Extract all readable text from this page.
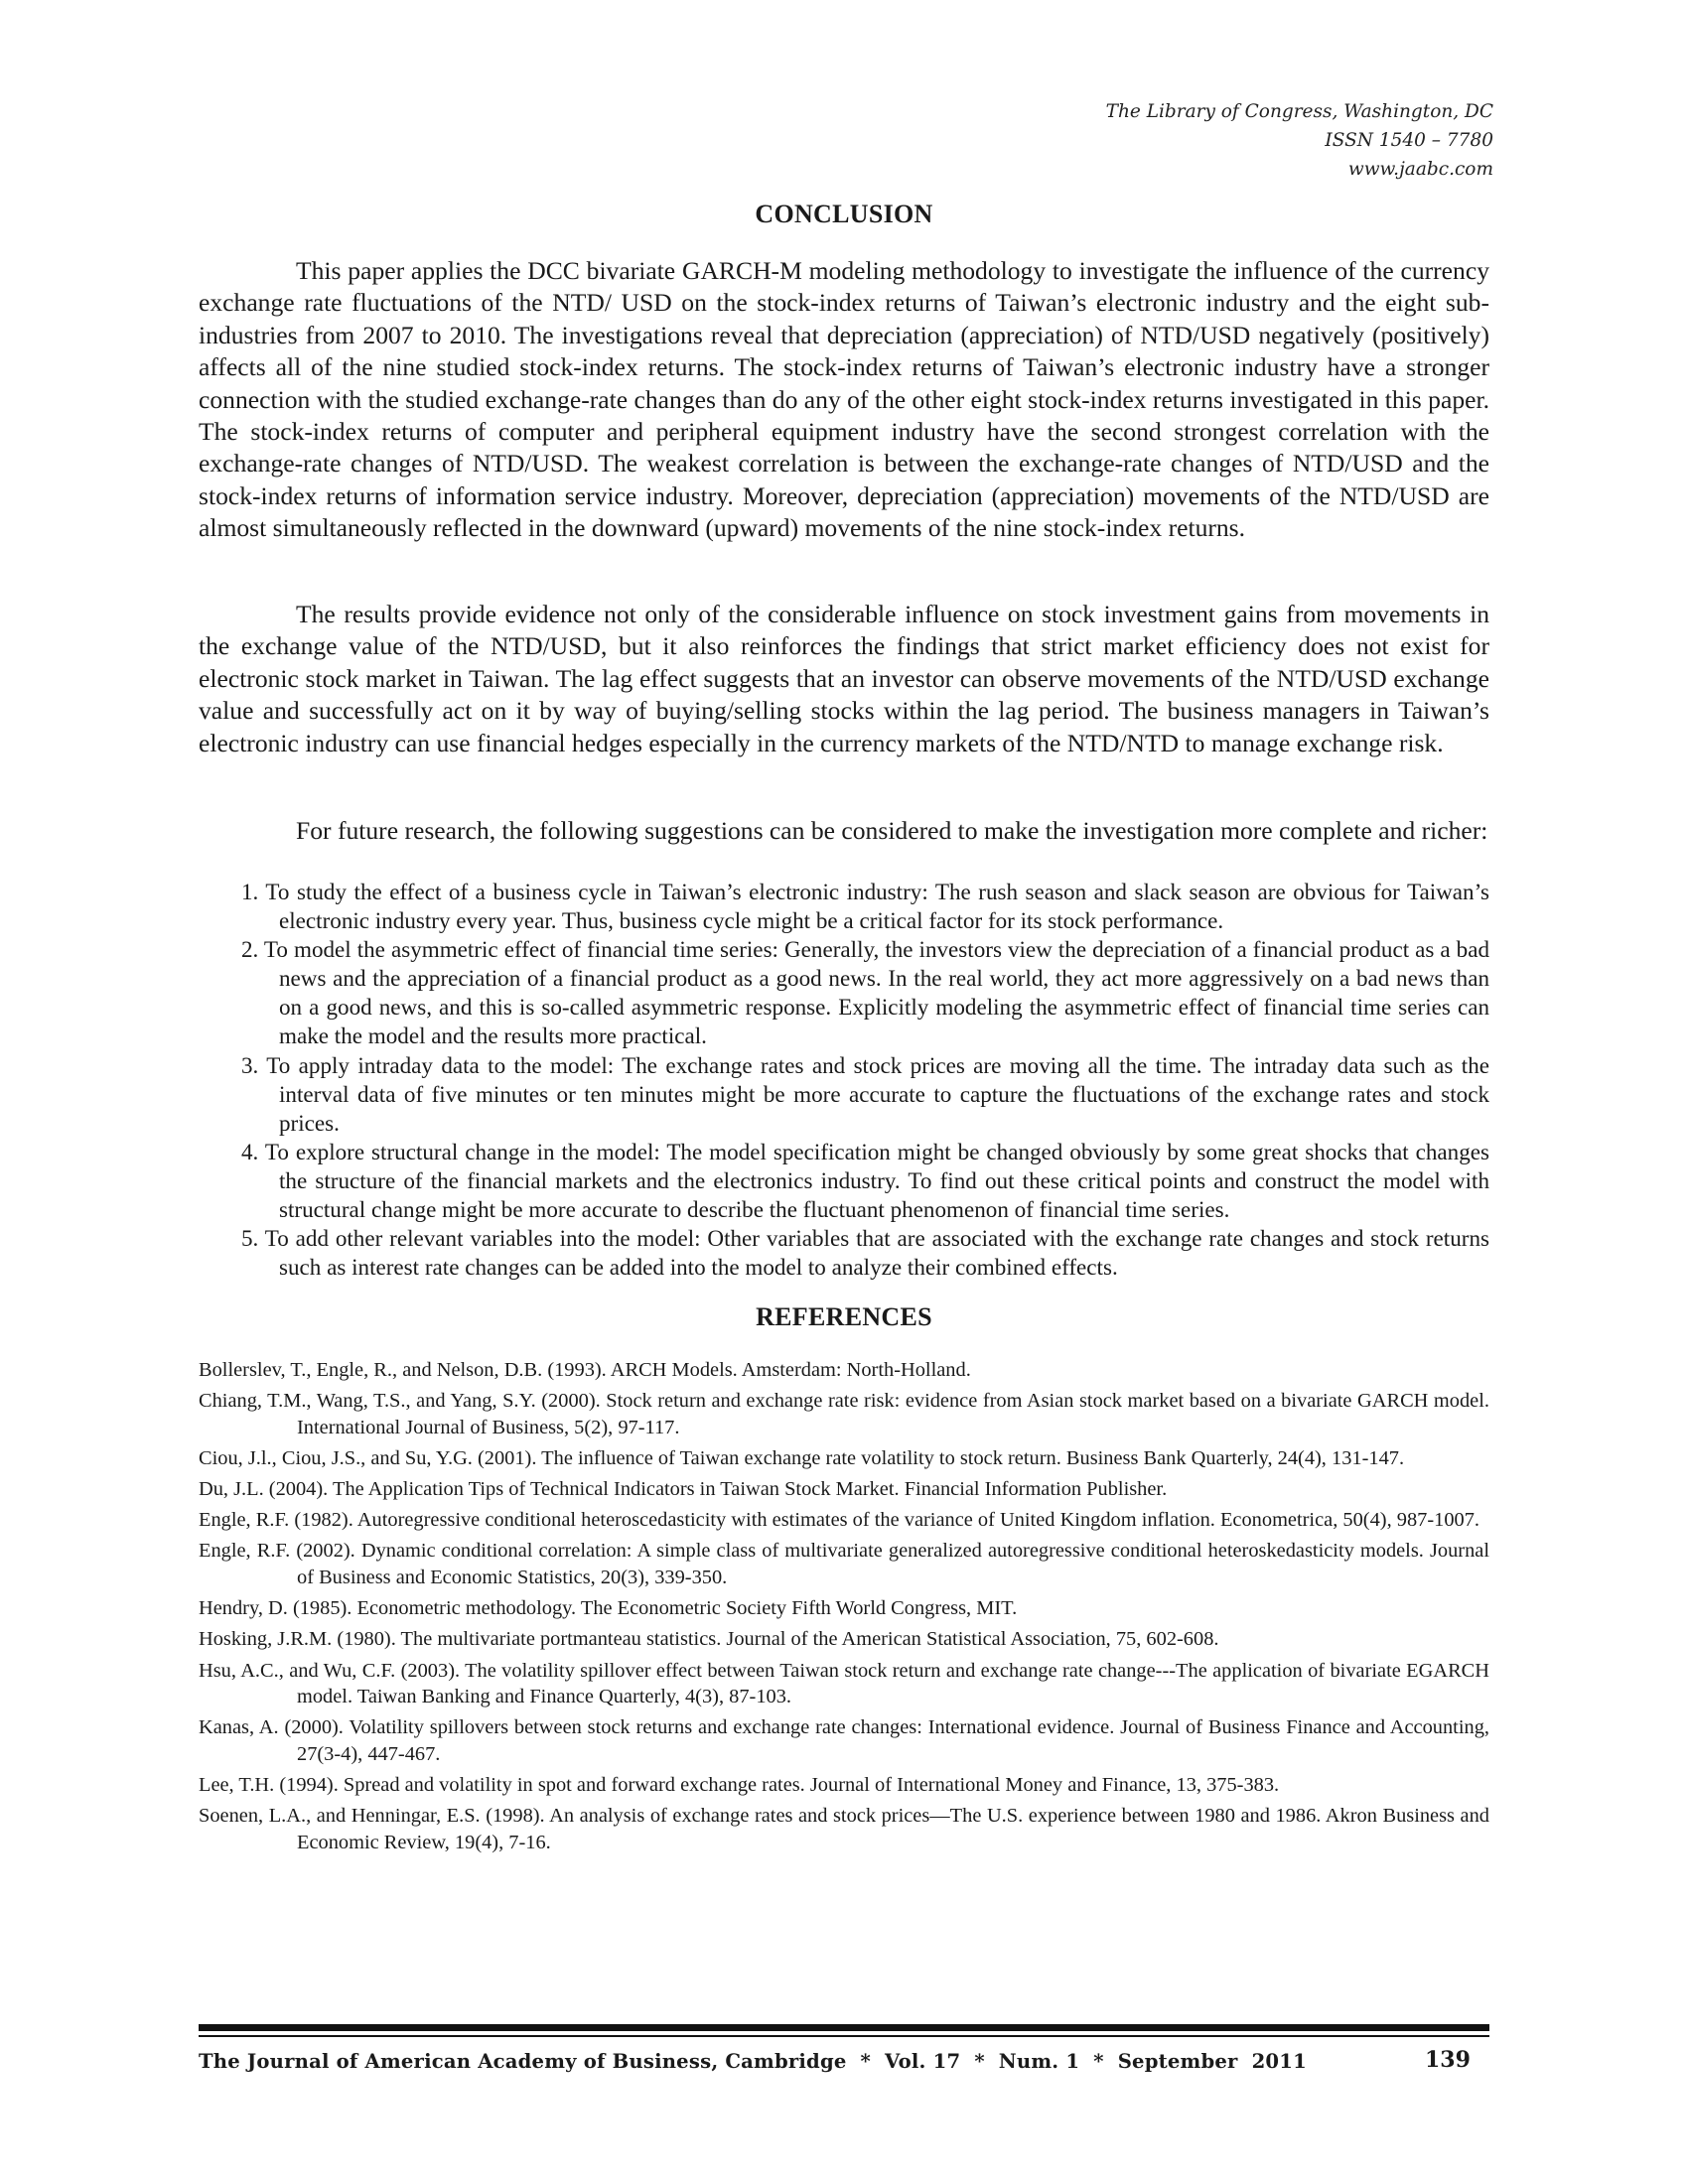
The Library of Congress, Washington, DC
ISSN 1540 – 7780
www.jaabc.com
CONCLUSION

This paper applies the DCC bivariate GARCH-M modeling methodology to investigate the influence of the currency exchange rate fluctuations of the NTD/ USD on the stock-index returns of Taiwan’s electronic industry and the eight sub-industries from 2007 to 2010. The investigations reveal that depreciation (appreciation) of NTD/USD negatively (positively) affects all of the nine studied stock-index returns. The stock-index returns of Taiwan’s electronic industry have a stronger connection with the studied exchange-rate changes than do any of the other eight stock-index returns investigated in this paper. The stock-index returns of computer and peripheral equipment industry have the second strongest correlation with the exchange-rate changes of NTD/USD. The weakest correlation is between the exchange-rate changes of NTD/USD and the stock-index returns of information service industry. Moreover, depreciation (appreciation) movements of the NTD/USD are almost simultaneously reflected in the downward (upward) movements of the nine stock-index returns.

The results provide evidence not only of the considerable influence on stock investment gains from movements in the exchange value of the NTD/USD, but it also reinforces the findings that strict market efficiency does not exist for electronic stock market in Taiwan. The lag effect suggests that an investor can observe movements of the NTD/USD exchange value and successfully act on it by way of buying/selling stocks within the lag period. The business managers in Taiwan’s electronic industry can use financial hedges especially in the currency markets of the NTD/NTD to manage exchange risk.

For future research, the following suggestions can be considered to make the investigation more complete and richer:

1. To study the effect of a business cycle in Taiwan’s electronic industry: The rush season and slack season are obvious for Taiwan’s electronic industry every year. Thus, business cycle might be a critical factor for its stock performance.
2. To model the asymmetric effect of financial time series: Generally, the investors view the depreciation of a financial product as a bad news and the appreciation of a financial product as a good news. In the real world, they act more aggressively on a bad news than on a good news, and this is so-called asymmetric response. Explicitly modeling the asymmetric effect of financial time series can make the model and the results more practical.
3. To apply intraday data to the model: The exchange rates and stock prices are moving all the time. The intraday data such as the interval data of five minutes or ten minutes might be more accurate to capture the fluctuations of the exchange rates and stock prices.
4. To explore structural change in the model: The model specification might be changed obviously by some great shocks that changes the structure of the financial markets and the electronics industry. To find out these critical points and construct the model with structural change might be more accurate to describe the fluctuant phenomenon of financial time series.
5. To add other relevant variables into the model: Other variables that are associated with the exchange rate changes and stock returns such as interest rate changes can be added into the model to analyze their combined effects.
REFERENCES
Bollerslev, T., Engle, R., and Nelson, D.B. (1993). ARCH Models. Amsterdam: North-Holland.
Chiang, T.M., Wang, T.S., and Yang, S.Y. (2000). Stock return and exchange rate risk: evidence from Asian stock market based on a bivariate GARCH model. International Journal of Business, 5(2), 97-117.
Ciou, J.l., Ciou, J.S., and Su, Y.G. (2001). The influence of Taiwan exchange rate volatility to stock return. Business Bank Quarterly, 24(4), 131-147.
Du, J.L. (2004). The Application Tips of Technical Indicators in Taiwan Stock Market. Financial Information Publisher.
Engle, R.F. (1982). Autoregressive conditional heteroscedasticity with estimates of the variance of United Kingdom inflation. Econometrica, 50(4), 987-1007.
Engle, R.F. (2002). Dynamic conditional correlation: A simple class of multivariate generalized autoregressive conditional heteroskedasticity models. Journal of Business and Economic Statistics, 20(3), 339-350.
Hendry, D. (1985). Econometric methodology. The Econometric Society Fifth World Congress, MIT.
Hosking, J.R.M. (1980). The multivariate portmanteau statistics. Journal of the American Statistical Association, 75, 602-608.
Hsu, A.C., and Wu, C.F. (2003). The volatility spillover effect between Taiwan stock return and exchange rate change---The application of bivariate EGARCH model. Taiwan Banking and Finance Quarterly, 4(3), 87-103.
Kanas, A. (2000). Volatility spillovers between stock returns and exchange rate changes: International evidence. Journal of Business Finance and Accounting, 27(3-4), 447-467.
Lee, T.H. (1994). Spread and volatility in spot and forward exchange rates. Journal of International Money and Finance, 13, 375-383.
Soenen, L.A., and Henningar, E.S. (1998). An analysis of exchange rates and stock prices—The U.S. experience between 1980 and 1986. Akron Business and Economic Review, 19(4), 7-16.
The Journal of American Academy of Business, Cambridge  *  Vol. 17  *  Num. 1  *  September  2011	139
